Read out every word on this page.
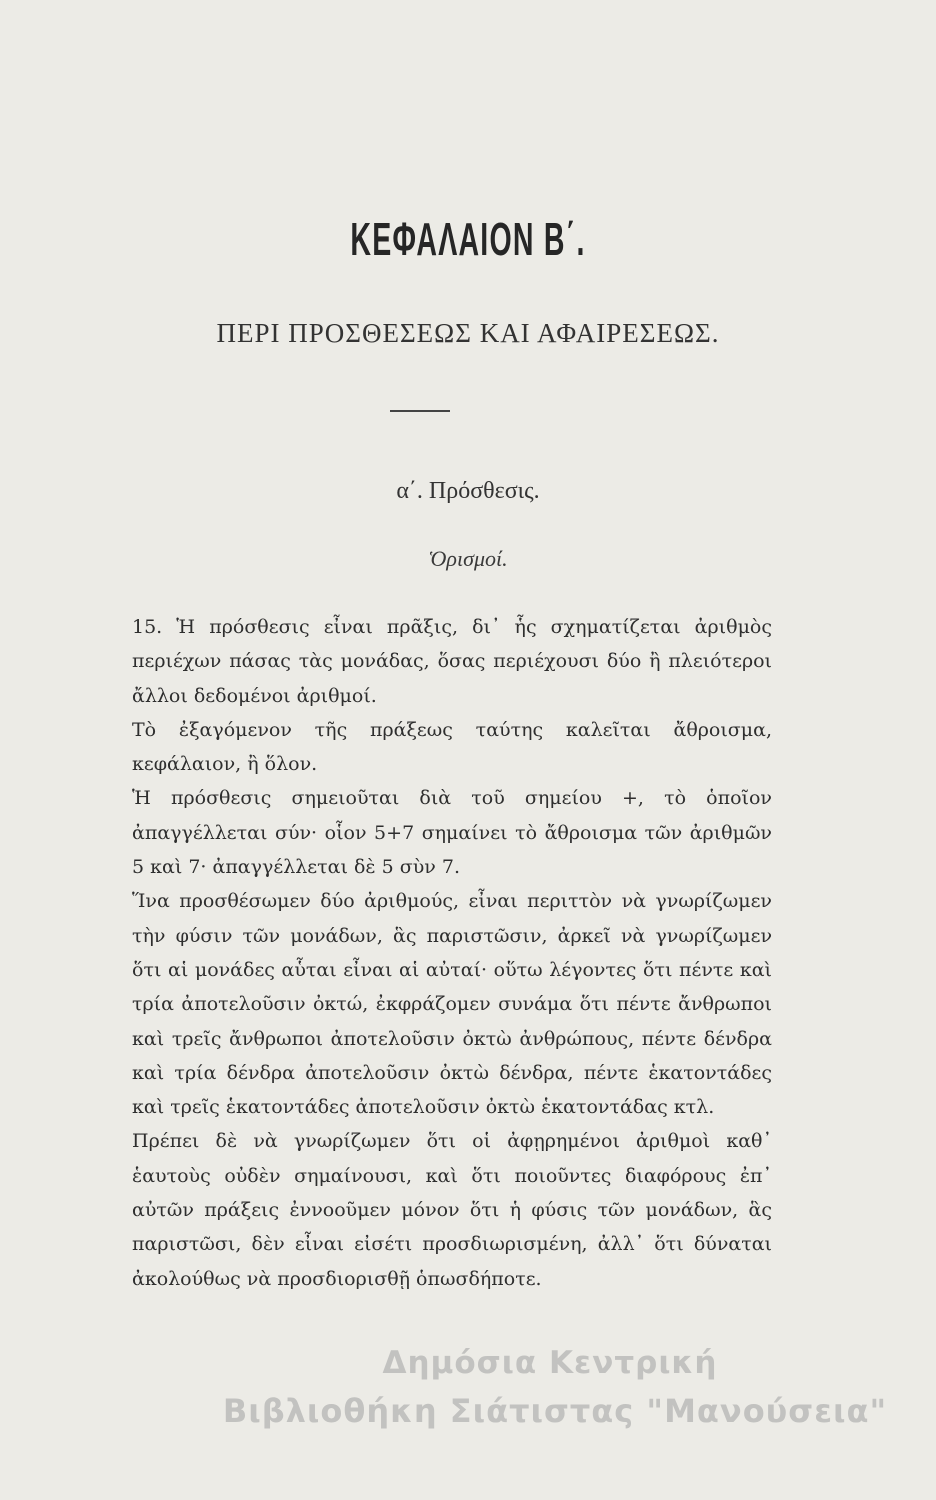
ΚΕΦΑΛΑΙΟΝ Β΄.
ΠΕΡΙ ΠΡΟΣΘΕΣΕΩΣ ΚΑΙ ΑΦΑΙΡΕΣΕΩΣ.
α΄. Πρόσθεσις.
Ὁρισμοί.

15. Ἡ πρόσθεσις εἶναι πρᾶξις, δι᾽ ἧς σχηματίζεται ἀριθμὸς περιέχων πάσας τὰς μονάδας, ὅσας περιέχουσι δύο ἢ πλειότεροι ἄλλοι δεδομένοι ἀριθμοί.

Τὸ ἐξαγόμενον τῆς πράξεως ταύτης καλεῖται ἄθροισμα, κεφάλαιον, ἢ ὅλον.

Ἡ πρόσθεσις σημειοῦται διὰ τοῦ σημείου +, τὸ ὁποῖον ἀπαγγέλλεται σύν· οἷον 5+7 σημαίνει τὸ ἄθροισμα τῶν ἀριθμῶν 5 καὶ 7· ἀπαγγέλλεται δὲ 5 σὺν 7.

Ἵνα προσθέσωμεν δύο ἀριθμούς, εἶναι περιττὸν νὰ γνωρίζωμεν τὴν φύσιν τῶν μονάδων, ἃς παριστῶσιν, ἀρκεῖ νὰ γνωρίζωμεν ὅτι αἱ μονάδες αὗται εἶναι αἱ αὐταί· οὕτω λέγοντες ὅτι πέντε καὶ τρία ἀποτελοῦσιν ὀκτώ, ἐκφράζομεν συνάμα ὅτι πέντε ἄνθρωποι καὶ τρεῖς ἄνθρωποι ἀποτελοῦσιν ὀκτὼ ἀνθρώπους, πέντε δένδρα καὶ τρία δένδρα ἀποτελοῦσιν ὀκτὼ δένδρα, πέντε ἑκατοντάδες καὶ τρεῖς ἑκατοντάδες ἀποτελοῦσιν ὀκτὼ ἑκατοντάδας κτλ.

Πρέπει δὲ νὰ γνωρίζωμεν ὅτι οἱ ἀφῃρημένοι ἀριθμοὶ καθ᾽ ἑαυτοὺς οὐδὲν σημαίνουσι, καὶ ὅτι ποιοῦντες διαφόρους ἐπ᾽ αὐτῶν πράξεις ἐννοοῦμεν μόνον ὅτι ἡ φύσις τῶν μονάδων, ἃς παριστῶσι, δὲν εἶναι εἰσέτι προσδιωρισμένη, ἀλλ᾽ ὅτι δύναται ἀκολούθως νὰ προσδιορισθῇ ὁπωσδήποτε.

Δημόσια Κεντρική
Βιβλιοθήκη Σιάτιστας "Μανούσεια"
